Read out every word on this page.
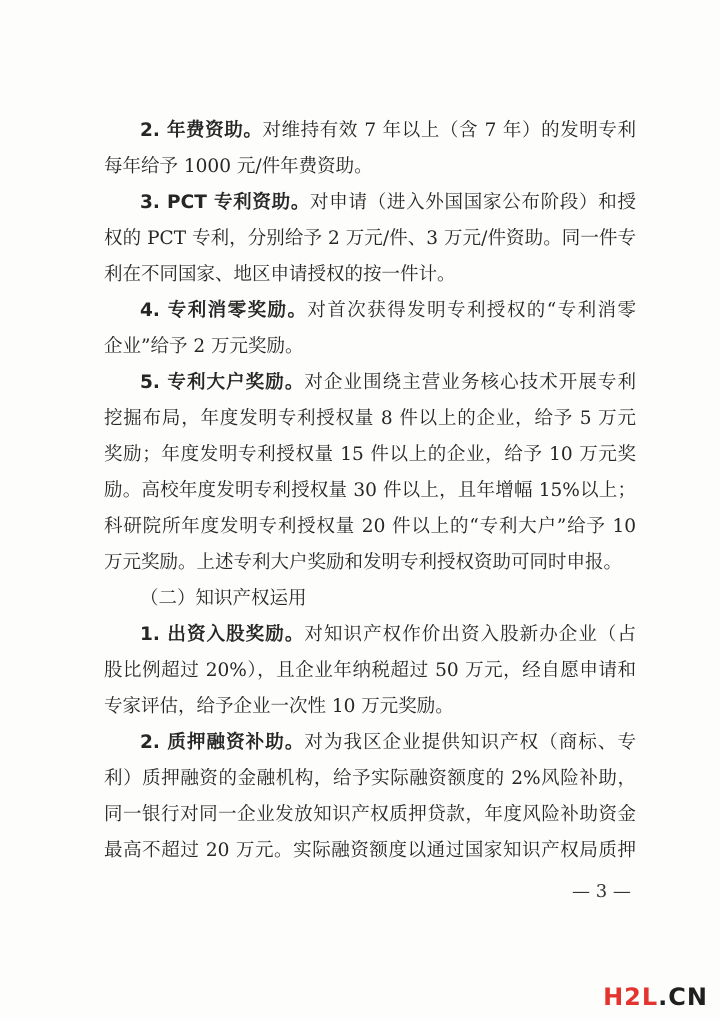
2. 年费资助。对维持有效 7 年以上（含 7 年）的发明专利
每年给予 1000 元/件年费资助。
3. PCT 专利资助。对申请（进入外国国家公布阶段）和授
权的 PCT 专利，分别给予 2 万元/件、3 万元/件资助。同一件专
利在不同国家、地区申请授权的按一件计。
4. 专利消零奖励。对首次获得发明专利授权的“专利消零
企业”给予 2 万元奖励。
5. 专利大户奖励。对企业围绕主营业务核心技术开展专利
挖掘布局，年度发明专利授权量 8 件以上的企业，给予 5 万元
奖励；年度发明专利授权量 15 件以上的企业，给予 10 万元奖
励。高校年度发明专利授权量 30 件以上，且年增幅 15%以上；
科研院所年度发明专利授权量 20 件以上的“专利大户”给予 10
万元奖励。上述专利大户奖励和发明专利授权资助可同时申报。
（二）知识产权运用
1. 出资入股奖励。对知识产权作价出资入股新办企业（占
股比例超过 20%），且企业年纳税超过 50 万元，经自愿申请和
专家评估，给予企业一次性 10 万元奖励。
2. 质押融资补助。对为我区企业提供知识产权（商标、专
利）质押融资的金融机构，给予实际融资额度的 2%风险补助，
同一银行对同一企业发放知识产权质押贷款，年度风险补助资金
最高不超过 20 万元。实际融资额度以通过国家知识产权局质押
— 3 —
H2L.CN
